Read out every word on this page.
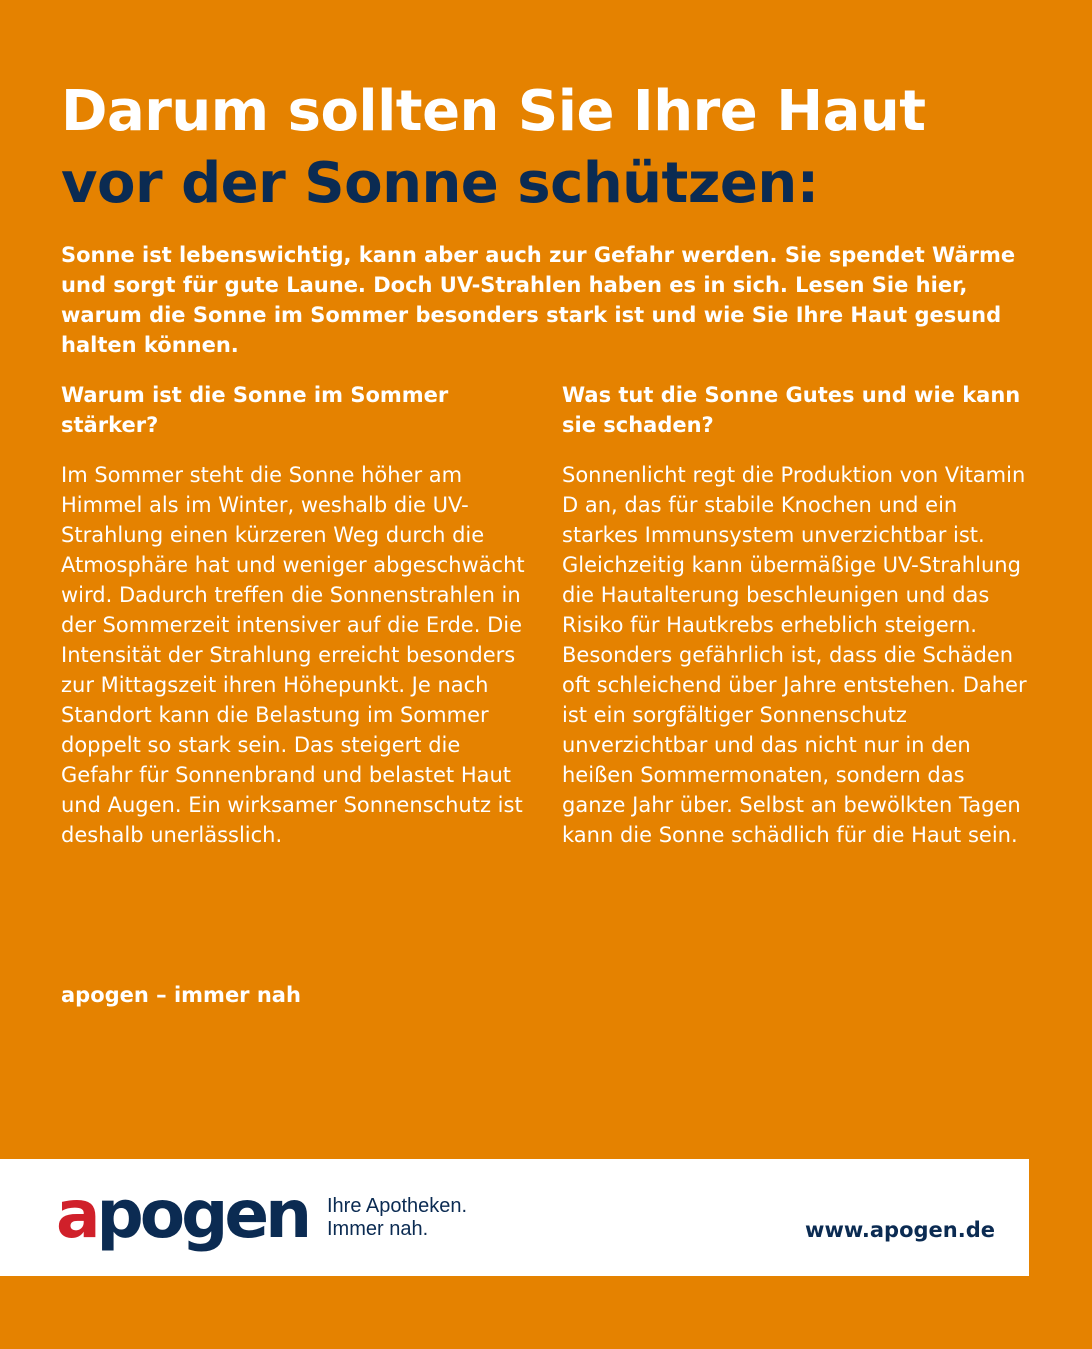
Darum sollten Sie Ihre Haut
vor der Sonne schützen:

Sonne ist lebenswichtig, kann aber auch zur Gefahr werden. Sie spendet Wärme und sorgt für gute Laune. Doch UV-Strahlen haben es in sich. Lesen Sie hier, warum die Sonne im Sommer besonders stark ist und wie Sie Ihre Haut gesund halten können.

Warum ist die Sonne im Sommer stärker?

Im Sommer steht die Sonne höher am Himmel als im Winter, weshalb die UV-Strahlung einen kürzeren Weg durch die Atmosphäre hat und weniger abgeschwächt wird. Dadurch treffen die Sonnenstrahlen in der Sommerzeit intensiver auf die Erde. Die Intensität der Strahlung erreicht besonders zur Mittagszeit ihren Höhepunkt. Je nach Standort kann die Belastung im Sommer doppelt so stark sein. Das steigert die Gefahr für Sonnenbrand und belastet Haut und Augen. Ein wirksamer Sonnenschutz ist deshalb unerlässlich.

Was tut die Sonne Gutes und wie kann sie schaden?

Sonnenlicht regt die Produktion von Vitamin D an, das für stabile Knochen und ein starkes Immunsystem unverzichtbar ist. Gleichzeitig kann übermäßige UV-Strahlung die Hautalterung beschleunigen und das Risiko für Hautkrebs erheblich steigern. Besonders gefährlich ist, dass die Schäden oft schleichend über Jahre entstehen. Daher ist ein sorgfältiger Sonnenschutz unverzichtbar und das nicht nur in den heißen Sommermonaten, sondern das ganze Jahr über. Selbst an bewölkten Tagen kann die Sonne schädlich für die Haut sein.

apogen – immer nah
apogen Ihre Apotheken.
Immer nah.	www.apogen.de
